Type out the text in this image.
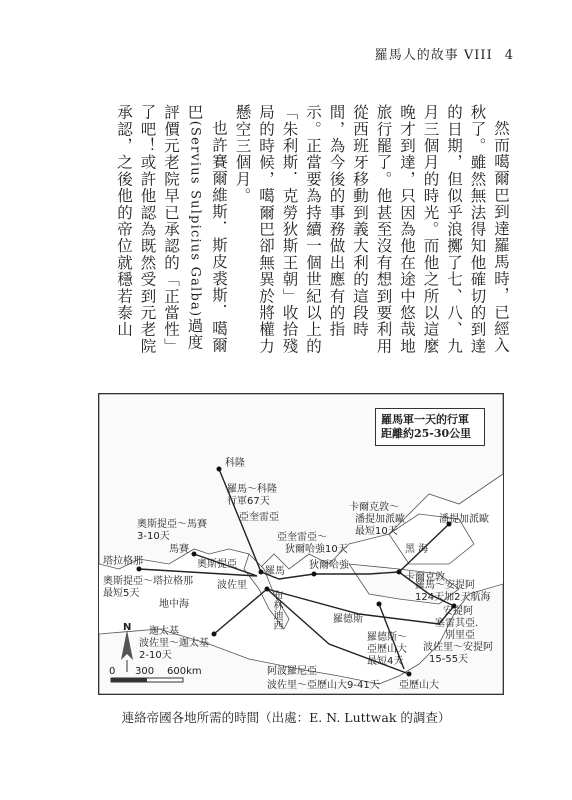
羅馬人的故事 VIII 4

然而噶爾巴到達羅馬時，已經入秋了。雖然無法得知他確切的到達的日期，但似乎浪擲了七、八、九月三個月的時光。而他之所以這麼晚才到達，只因為他在途中悠哉地旅行罷了。他甚至沒有想到要利用從西班牙移動到義大利的這段時間，為今後的事務做出應有的指示。正當要為持續一個世紀以上的「朱利斯．克勞狄斯王朝」收拾殘局的時候，噶爾巴卻無異於將權力懸空三個月。

也許賽爾維斯．斯皮裘斯．噶爾巴(Servius Sulpicius Galba)過度評價元老院早已承認的「正當性」了吧！或許他認為既然受到元老院承認，之後他的帝位就穩若泰山

羅馬軍一天的行軍距離約25-30公里
科隆
羅馬～科隆
行軍67天
亞奎雷亞
奧斯提亞～馬賽
3-10天
馬賽
奧斯提亞
塔拉格那
奧斯提亞～塔拉格那
最短5天
羅馬
波佐里
地中海
迦太基
波佐里～迦太基
2-10天
布林迪西
亞奎雷亞～
狄爾哈強10天
狄爾哈強
卡爾克敦～
潘提加派歐
最短10天
潘提加派歐
黑 海
卡爾克敦
羅馬～安提阿
124天加2天航海
安提阿
塞雷其亞．
別里亞
波佐里～安提阿
15-55天
羅德斯
羅德斯～
亞歷山大
最短4天
阿波羅尼亞
波佐里～亞歷山大9-41天 亞歷山大
N
0 300 600km
連絡帝國各地所需的時間（出處：E. N. Luttwak 的調查）
